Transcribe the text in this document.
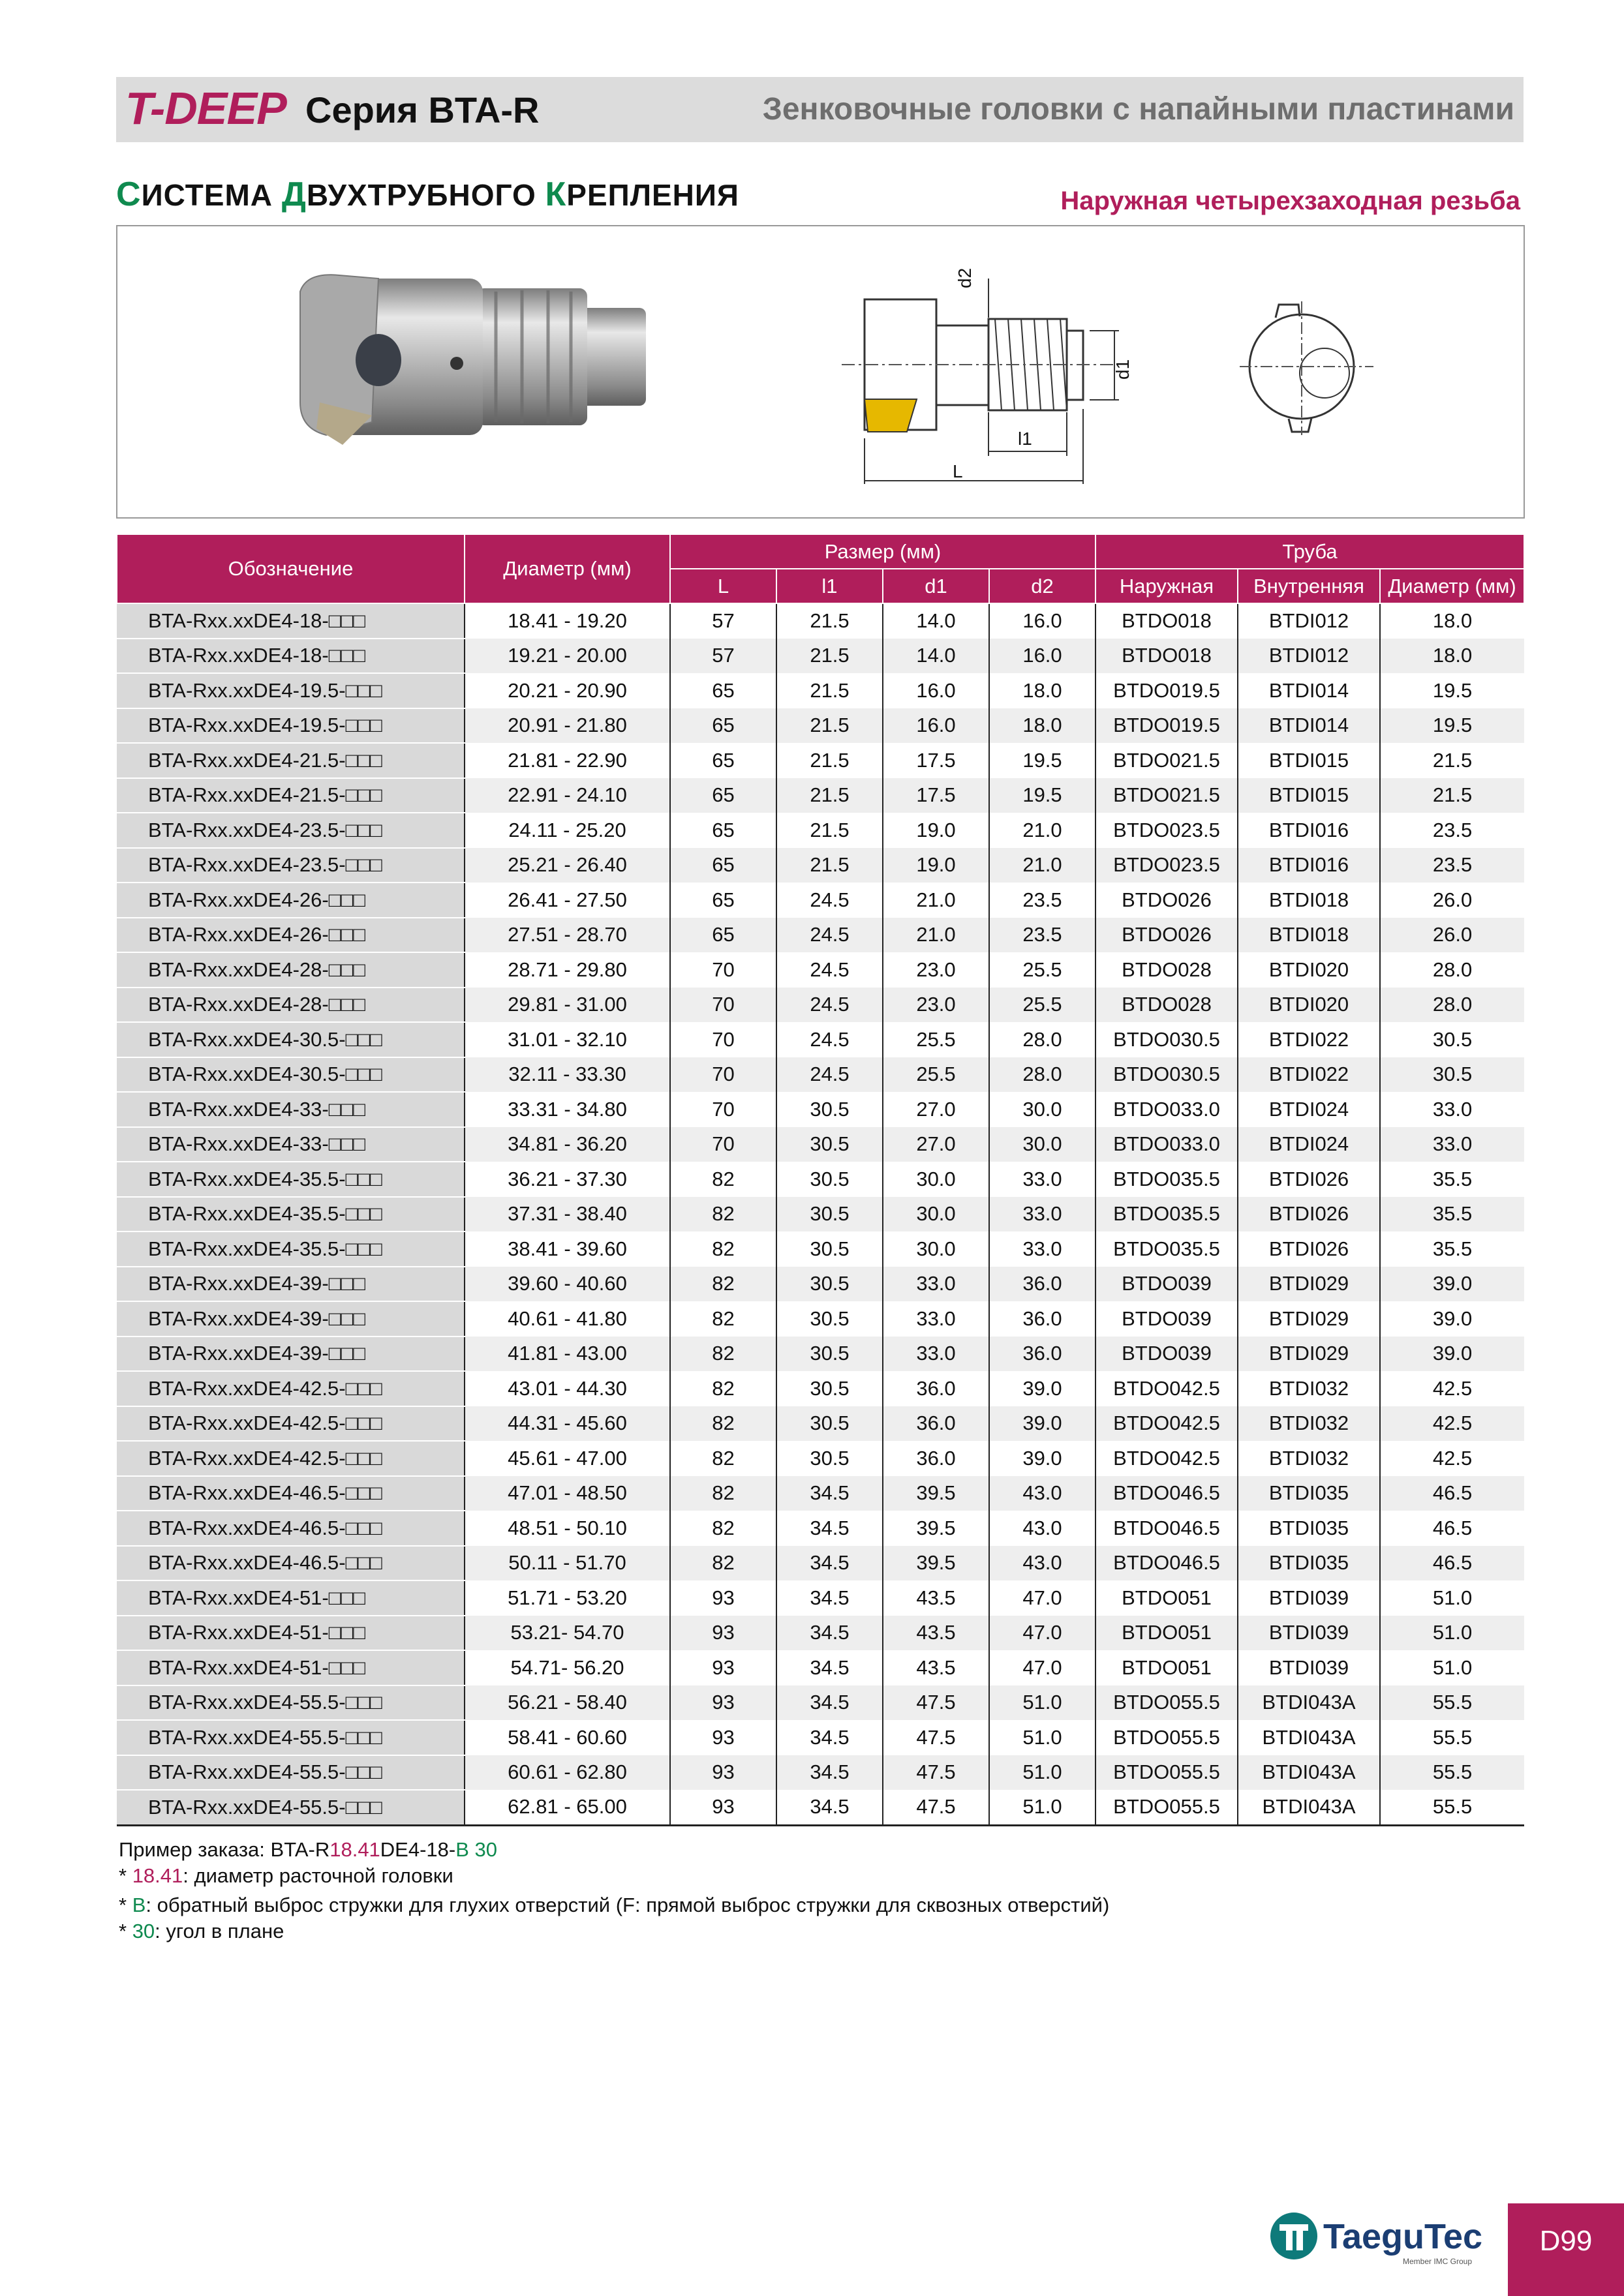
T-DEEP Серия BTA-R	Зенковочные головки с напайными пластинами
СИСТЕМА ДВУХТРУБНОГО КРЕПЛЕНИЯ	Наружная четырехзаходная резьба
d2
d1
l1
L
Обозначение	Диаметр (мм)	Размер (мм)				Труба		
		L	l1	d1	d2	Наружная	Внутренняя	Диаметр (мм)
BTA-Rxx.xxDE4-18-□□□	18.41 - 19.20	57	21.5	14.0	16.0	BTDO018	BTDI012	18.0
BTA-Rxx.xxDE4-18-□□□	19.21 - 20.00	57	21.5	14.0	16.0	BTDO018	BTDI012	18.0
BTA-Rxx.xxDE4-19.5-□□□	20.21 - 20.90	65	21.5	16.0	18.0	BTDO019.5	BTDI014	19.5
BTA-Rxx.xxDE4-19.5-□□□	20.91 - 21.80	65	21.5	16.0	18.0	BTDO019.5	BTDI014	19.5
BTA-Rxx.xxDE4-21.5-□□□	21.81 - 22.90	65	21.5	17.5	19.5	BTDO021.5	BTDI015	21.5
BTA-Rxx.xxDE4-21.5-□□□	22.91 - 24.10	65	21.5	17.5	19.5	BTDO021.5	BTDI015	21.5
BTA-Rxx.xxDE4-23.5-□□□	24.11 - 25.20	65	21.5	19.0	21.0	BTDO023.5	BTDI016	23.5
BTA-Rxx.xxDE4-23.5-□□□	25.21 - 26.40	65	21.5	19.0	21.0	BTDO023.5	BTDI016	23.5
BTA-Rxx.xxDE4-26-□□□	26.41 - 27.50	65	24.5	21.0	23.5	BTDO026	BTDI018	26.0
BTA-Rxx.xxDE4-26-□□□	27.51 - 28.70	65	24.5	21.0	23.5	BTDO026	BTDI018	26.0
BTA-Rxx.xxDE4-28-□□□	28.71 - 29.80	70	24.5	23.0	25.5	BTDO028	BTDI020	28.0
BTA-Rxx.xxDE4-28-□□□	29.81 - 31.00	70	24.5	23.0	25.5	BTDO028	BTDI020	28.0
BTA-Rxx.xxDE4-30.5-□□□	31.01 - 32.10	70	24.5	25.5	28.0	BTDO030.5	BTDI022	30.5
BTA-Rxx.xxDE4-30.5-□□□	32.11 - 33.30	70	24.5	25.5	28.0	BTDO030.5	BTDI022	30.5
BTA-Rxx.xxDE4-33-□□□	33.31 - 34.80	70	30.5	27.0	30.0	BTDO033.0	BTDI024	33.0
BTA-Rxx.xxDE4-33-□□□	34.81 - 36.20	70	30.5	27.0	30.0	BTDO033.0	BTDI024	33.0
BTA-Rxx.xxDE4-35.5-□□□	36.21 - 37.30	82	30.5	30.0	33.0	BTDO035.5	BTDI026	35.5
BTA-Rxx.xxDE4-35.5-□□□	37.31 - 38.40	82	30.5	30.0	33.0	BTDO035.5	BTDI026	35.5
BTA-Rxx.xxDE4-35.5-□□□	38.41 - 39.60	82	30.5	30.0	33.0	BTDO035.5	BTDI026	35.5
BTA-Rxx.xxDE4-39-□□□	39.60 - 40.60	82	30.5	33.0	36.0	BTDO039	BTDI029	39.0
BTA-Rxx.xxDE4-39-□□□	40.61 - 41.80	82	30.5	33.0	36.0	BTDO039	BTDI029	39.0
BTA-Rxx.xxDE4-39-□□□	41.81 - 43.00	82	30.5	33.0	36.0	BTDO039	BTDI029	39.0
BTA-Rxx.xxDE4-42.5-□□□	43.01 - 44.30	82	30.5	36.0	39.0	BTDO042.5	BTDI032	42.5
BTA-Rxx.xxDE4-42.5-□□□	44.31 - 45.60	82	30.5	36.0	39.0	BTDO042.5	BTDI032	42.5
BTA-Rxx.xxDE4-42.5-□□□	45.61 - 47.00	82	30.5	36.0	39.0	BTDO042.5	BTDI032	42.5
BTA-Rxx.xxDE4-46.5-□□□	47.01 - 48.50	82	34.5	39.5	43.0	BTDO046.5	BTDI035	46.5
BTA-Rxx.xxDE4-46.5-□□□	48.51 - 50.10	82	34.5	39.5	43.0	BTDO046.5	BTDI035	46.5
BTA-Rxx.xxDE4-46.5-□□□	50.11 - 51.70	82	34.5	39.5	43.0	BTDO046.5	BTDI035	46.5
BTA-Rxx.xxDE4-51-□□□	51.71 - 53.20	93	34.5	43.5	47.0	BTDO051	BTDI039	51.0
BTA-Rxx.xxDE4-51-□□□	53.21- 54.70	93	34.5	43.5	47.0	BTDO051	BTDI039	51.0
BTA-Rxx.xxDE4-51-□□□	54.71- 56.20	93	34.5	43.5	47.0	BTDO051	BTDI039	51.0
BTA-Rxx.xxDE4-55.5-□□□	56.21 - 58.40	93	34.5	47.5	51.0	BTDO055.5	BTDI043A	55.5
BTA-Rxx.xxDE4-55.5-□□□	58.41 - 60.60	93	34.5	47.5	51.0	BTDO055.5	BTDI043A	55.5
BTA-Rxx.xxDE4-55.5-□□□	60.61 - 62.80	93	34.5	47.5	51.0	BTDO055.5	BTDI043A	55.5
BTA-Rxx.xxDE4-55.5-□□□	62.81 - 65.00	93	34.5	47.5	51.0	BTDO055.5	BTDI043A	55.5
Пример заказа: BTA-R18.41DE4-18-B 30
* 18.41: диаметр расточной головки
* B: обратный выброс стружки для глухих отверстий (F: прямой выброс стружки для сквозных отверстий)
* 30: угол в плане
TaeguTec
Member IMC Group
D99
